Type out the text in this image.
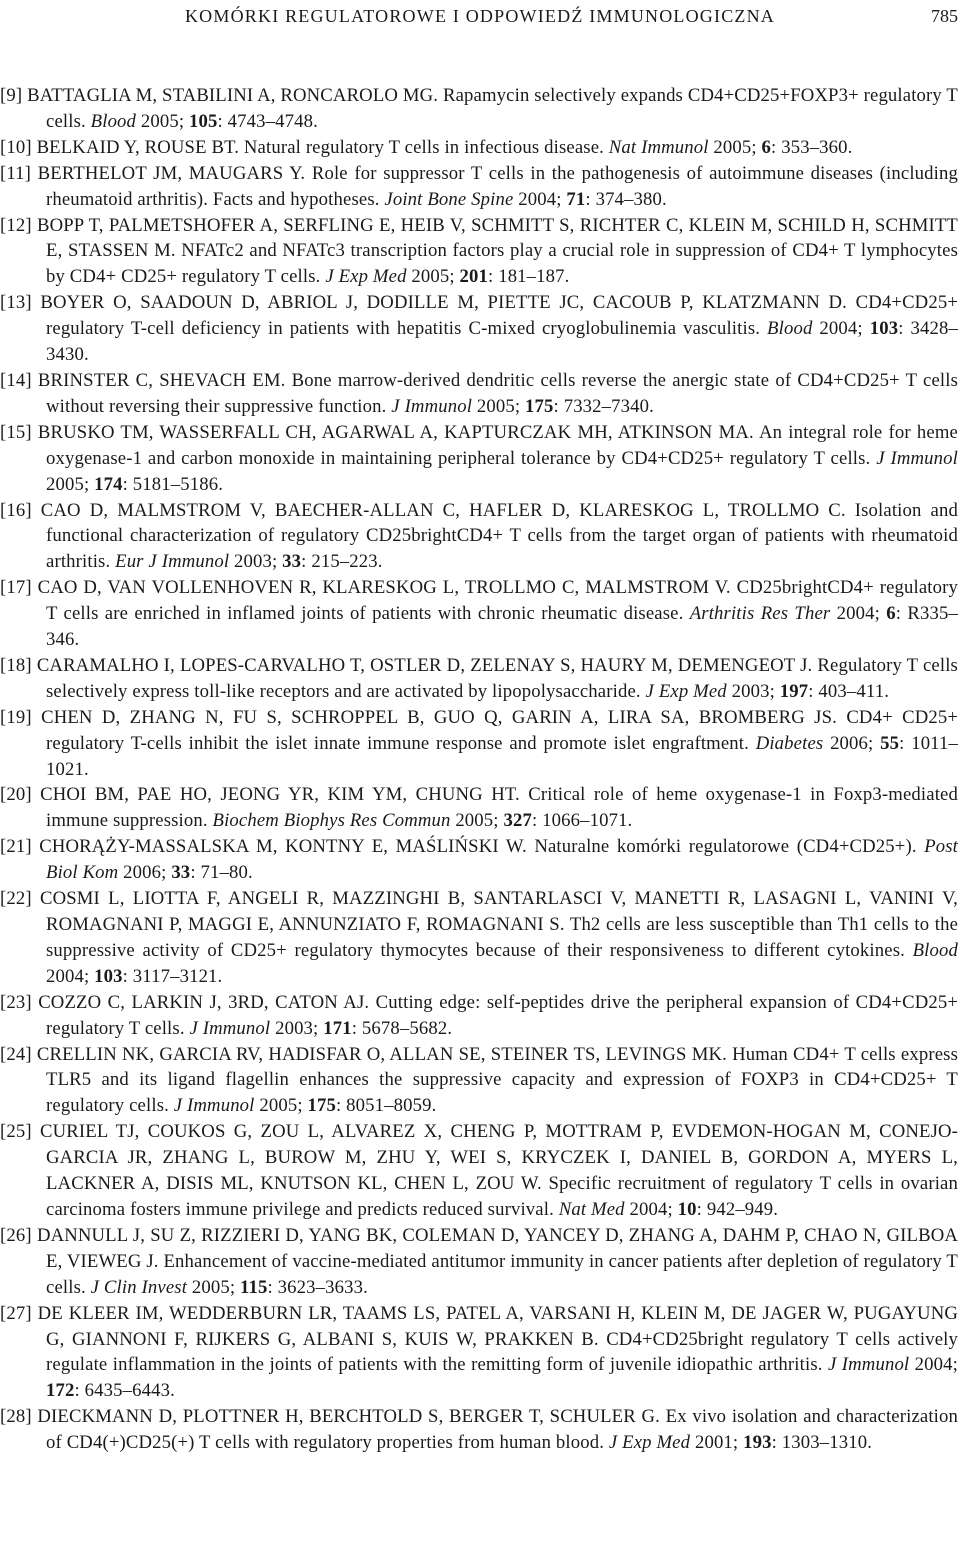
KOMÓRKI REGULATOROWE I ODPOWIEDŹ IMMUNOLOGICZNA	785
[9] BATTAGLIA M, STABILINI A, RONCAROLO MG. Rapamycin selectively expands CD4+CD25+FOXP3+ regulatory T cells. Blood 2005; 105: 4743–4748.
[10] BELKAID Y, ROUSE BT. Natural regulatory T cells in infectious disease. Nat Immunol 2005; 6: 353–360.
[11] BERTHELOT JM, MAUGARS Y. Role for suppressor T cells in the pathogenesis of autoimmune diseases (including rheumatoid arthritis). Facts and hypotheses. Joint Bone Spine 2004; 71: 374–380.
[12] BOPP T, PALMETSHOFER A, SERFLING E, HEIB V, SCHMITT S, RICHTER C, KLEIN M, SCHILD H, SCHMITT E, STASSEN M. NFATc2 and NFATc3 transcription factors play a crucial role in suppression of CD4+ T lymphocytes by CD4+ CD25+ regulatory T cells. J Exp Med 2005; 201: 181–187.
[13] BOYER O, SAADOUN D, ABRIOL J, DODILLE M, PIETTE JC, CACOUB P, KLATZMANN D. CD4+CD25+ regulatory T-cell deficiency in patients with hepatitis C-mixed cryoglobulinemia vasculitis. Blood 2004; 103: 3428–3430.
[14] BRINSTER C, SHEVACH EM. Bone marrow-derived dendritic cells reverse the anergic state of CD4+CD25+ T cells without reversing their suppressive function. J Immunol 2005; 175: 7332–7340.
[15] BRUSKO TM, WASSERFALL CH, AGARWAL A, KAPTURCZAK MH, ATKINSON MA. An integral role for heme oxygenase-1 and carbon monoxide in maintaining peripheral tolerance by CD4+CD25+ regulatory T cells. J Immunol 2005; 174: 5181–5186.
[16] CAO D, MALMSTROM V, BAECHER-ALLAN C, HAFLER D, KLARESKOG L, TROLLMO C. Isolation and functional characterization of regulatory CD25brightCD4+ T cells from the target organ of patients with rheumatoid arthritis. Eur J Immunol 2003; 33: 215–223.
[17] CAO D, VAN VOLLENHOVEN R, KLARESKOG L, TROLLMO C, MALMSTROM V. CD25brightCD4+ regulatory T cells are enriched in inflamed joints of patients with chronic rheumatic disease. Arthritis Res Ther 2004; 6: R335–346.
[18] CARAMALHO I, LOPES-CARVALHO T, OSTLER D, ZELENAY S, HAURY M, DEMENGEOT J. Regulatory T cells selectively express toll-like receptors and are activated by lipopolysaccharide. J Exp Med 2003; 197: 403–411.
[19] CHEN D, ZHANG N, FU S, SCHROPPEL B, GUO Q, GARIN A, LIRA SA, BROMBERG JS. CD4+ CD25+ regulatory T-cells inhibit the islet innate immune response and promote islet engraftment. Diabetes 2006; 55: 1011–1021.
[20] CHOI BM, PAE HO, JEONG YR, KIM YM, CHUNG HT. Critical role of heme oxygenase-1 in Foxp3-mediated immune suppression. Biochem Biophys Res Commun 2005; 327: 1066–1071.
[21] CHORĄŻY-MASSALSKA M, KONTNY E, MAŚLIŃSKI W. Naturalne komórki regulatorowe (CD4+CD25+). Post Biol Kom 2006; 33: 71–80.
[22] COSMI L, LIOTTA F, ANGELI R, MAZZINGHI B, SANTARLASCI V, MANETTI R, LASAGNI L, VANINI V, ROMAGNANI P, MAGGI E, ANNUNZIATO F, ROMAGNANI S. Th2 cells are less susceptible than Th1 cells to the suppressive activity of CD25+ regulatory thymocytes because of their responsiveness to different cytokines. Blood 2004; 103: 3117–3121.
[23] COZZO C, LARKIN J, 3RD, CATON AJ. Cutting edge: self-peptides drive the peripheral expansion of CD4+CD25+ regulatory T cells. J Immunol 2003; 171: 5678–5682.
[24] CRELLIN NK, GARCIA RV, HADISFAR O, ALLAN SE, STEINER TS, LEVINGS MK. Human CD4+ T cells express TLR5 and its ligand flagellin enhances the suppressive capacity and expression of FOXP3 in CD4+CD25+ T regulatory cells. J Immunol 2005; 175: 8051–8059.
[25] CURIEL TJ, COUKOS G, ZOU L, ALVAREZ X, CHENG P, MOTTRAM P, EVDEMON-HOGAN M, CONEJO-GARCIA JR, ZHANG L, BUROW M, ZHU Y, WEI S, KRYCZEK I, DANIEL B, GORDON A, MYERS L, LACKNER A, DISIS ML, KNUTSON KL, CHEN L, ZOU W. Specific recruitment of regulatory T cells in ovarian carcinoma fosters immune privilege and predicts reduced survival. Nat Med 2004; 10: 942–949.
[26] DANNULL J, SU Z, RIZZIERI D, YANG BK, COLEMAN D, YANCEY D, ZHANG A, DAHM P, CHAO N, GILBOA E, VIEWEG J. Enhancement of vaccine-mediated antitumor immunity in cancer patients after depletion of regulatory T cells. J Clin Invest 2005; 115: 3623–3633.
[27] DE KLEER IM, WEDDERBURN LR, TAAMS LS, PATEL A, VARSANI H, KLEIN M, DE JAGER W, PUGAYUNG G, GIANNONI F, RIJKERS G, ALBANI S, KUIS W, PRAKKEN B. CD4+CD25bright regulatory T cells actively regulate inflammation in the joints of patients with the remitting form of juvenile idiopathic arthritis. J Immunol 2004; 172: 6435–6443.
[28] DIECKMANN D, PLOTTNER H, BERCHTOLD S, BERGER T, SCHULER G. Ex vivo isolation and characterization of CD4(+)CD25(+) T cells with regulatory properties from human blood. J Exp Med 2001; 193: 1303–1310.
